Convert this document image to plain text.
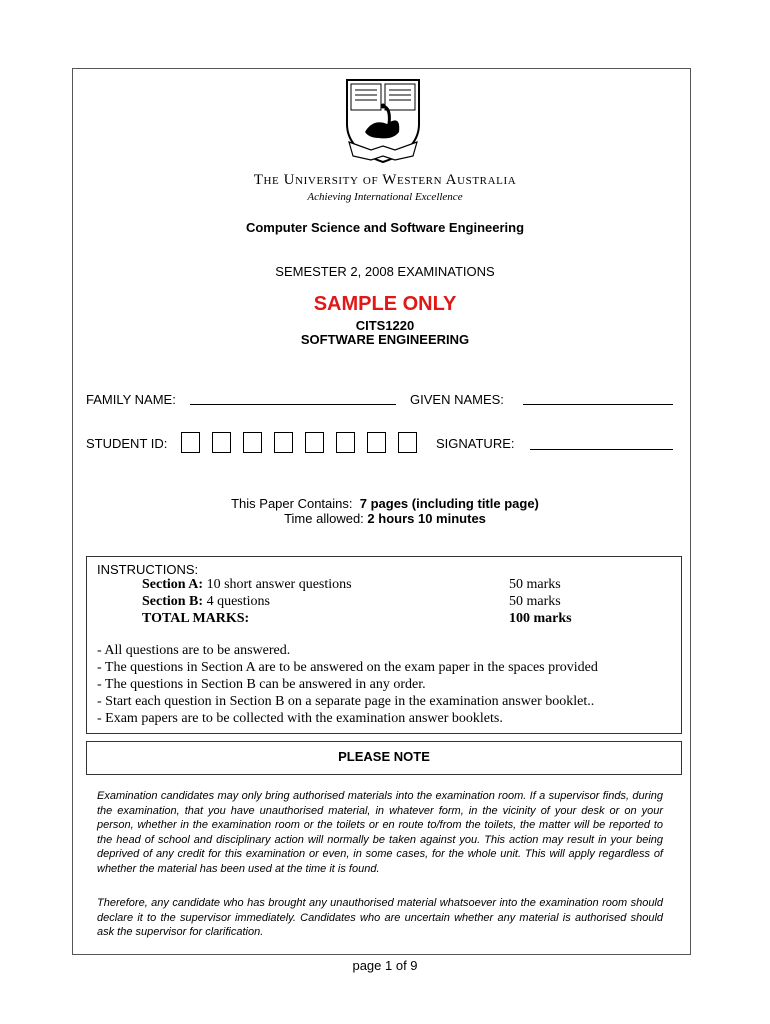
The University of Western Australia
Achieving International Excellence
Computer Science and Software Engineering
SEMESTER 2, 2008 EXAMINATIONS
SAMPLE ONLY
CITS1220
SOFTWARE ENGINEERING
FAMILY NAME:	GIVEN NAMES:
STUDENT ID:	SIGNATURE:
This Paper Contains: 7 pages (including title page)
Time allowed: 2 hours 10 minutes
INSTRUCTIONS:
Section A: 10 short answer questions	50 marks
Section B: 4 questions	50 marks
TOTAL MARKS:	100 marks
- All questions are to be answered.
- The questions in Section A are to be answered on the exam paper in the spaces provided
- The questions in Section B can be answered in any order.
- Start each question in Section B on a separate page in the examination answer booklet..
- Exam papers are to be collected with the examination answer booklets.
PLEASE NOTE

Examination candidates may only bring authorised materials into the examination room. If a supervisor finds, during the examination, that you have unauthorised material, in whatever form, in the vicinity of your desk or on your person, whether in the examination room or the toilets or en route to/from the toilets, the matter will be reported to the head of school and disciplinary action will normally be taken against you. This action may result in your being deprived of any credit for this examination or even, in some cases, for the whole unit. This will apply regardless of whether the material has been used at the time it is found.

Therefore, any candidate who has brought any unauthorised material whatsoever into the examination room should declare it to the supervisor immediately. Candidates who are uncertain whether any material is authorised should ask the supervisor for clarification.

page 1 of 9
